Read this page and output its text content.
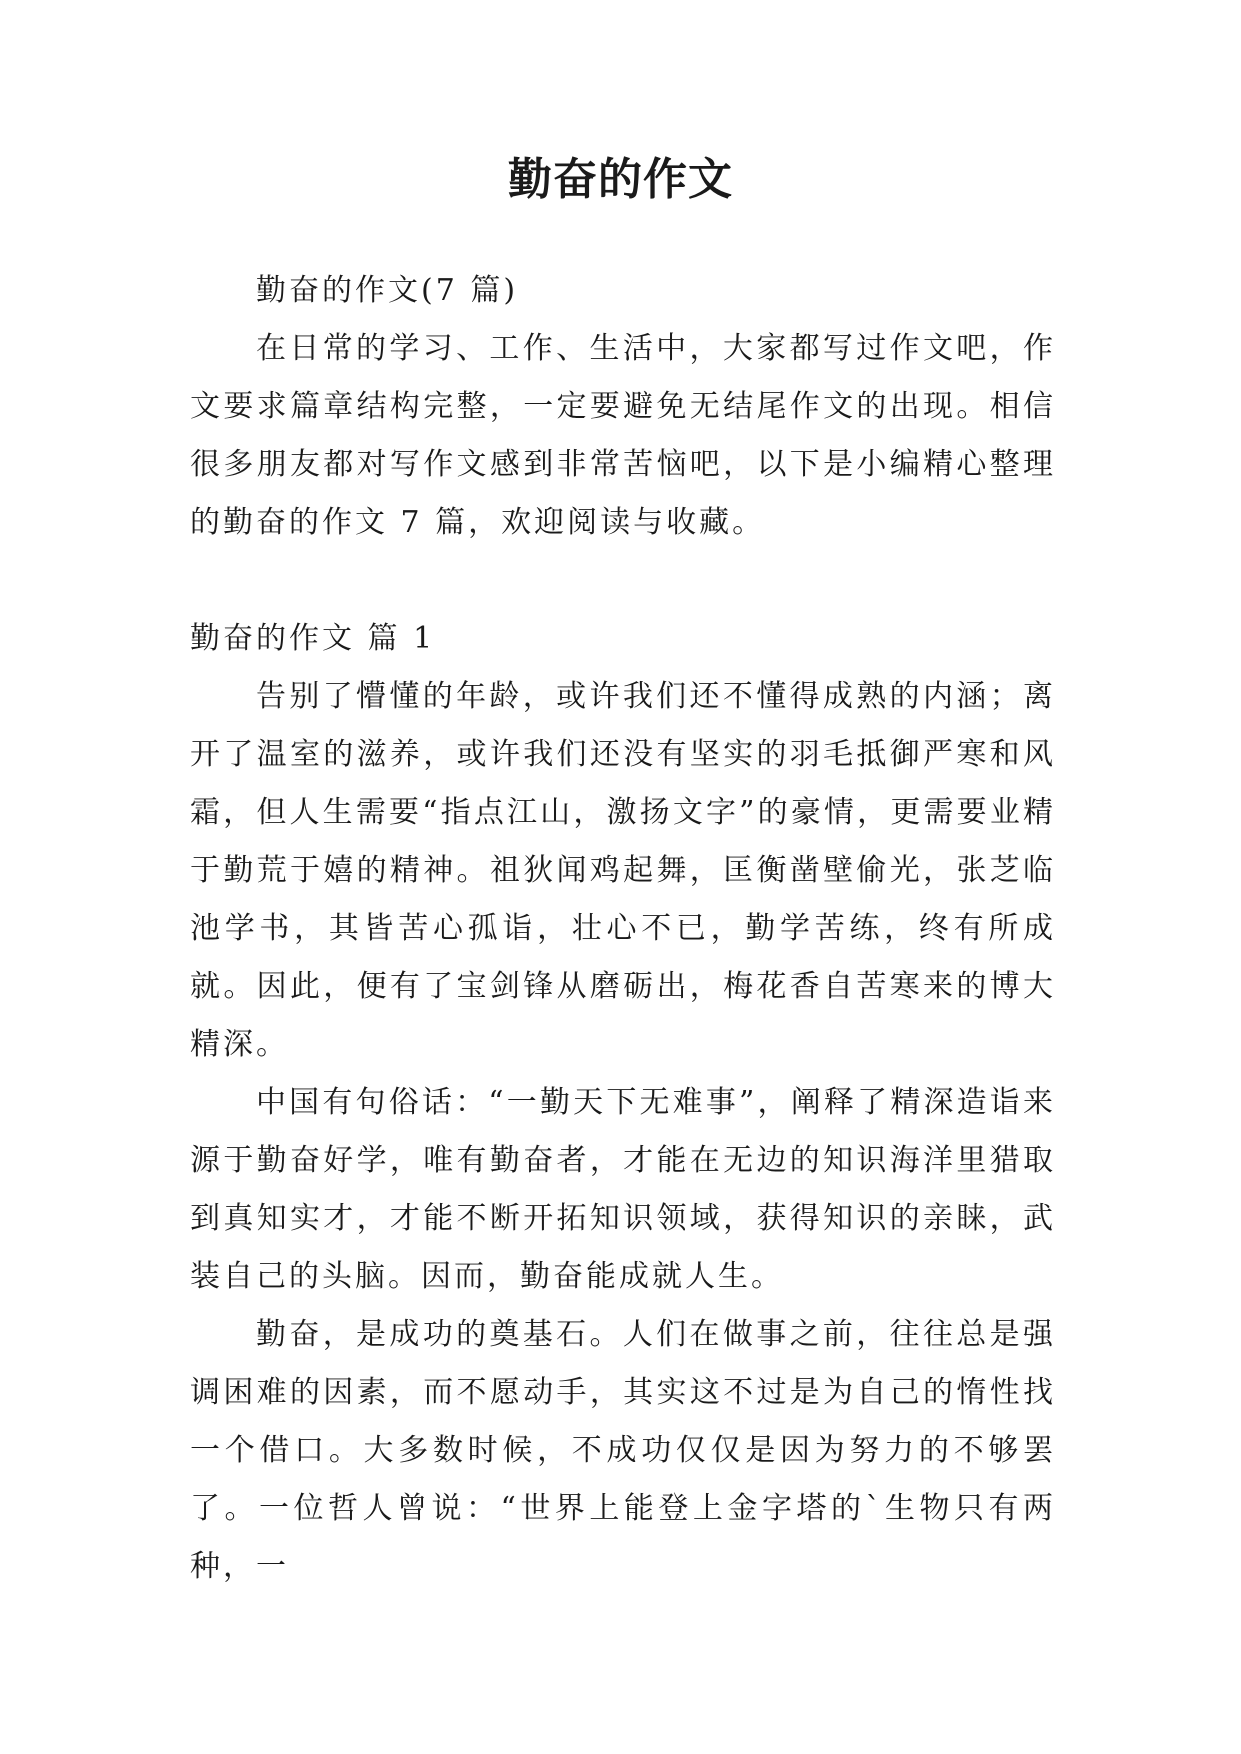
勤奋的作文

勤奋的作文(7 篇)

在日常的学习、工作、生活中，大家都写过作文吧，作文要求篇章结构完整，一定要避免无结尾作文的出现。相信很多朋友都对写作文感到非常苦恼吧，以下是小编精心整理的勤奋的作文 7 篇，欢迎阅读与收藏。

勤奋的作文 篇 1

告别了懵懂的年龄，或许我们还不懂得成熟的内涵；离开了温室的滋养，或许我们还没有坚实的羽毛抵御严寒和风霜，但人生需要“指点江山，激扬文字”的豪情，更需要业精于勤荒于嬉的精神。祖狄闻鸡起舞，匡衡凿壁偷光，张芝临池学书，其皆苦心孤诣，壮心不已，勤学苦练，终有所成就。因此，便有了宝剑锋从磨砺出，梅花香自苦寒来的博大精深。

中国有句俗话：“一勤天下无难事”，阐释了精深造诣来源于勤奋好学，唯有勤奋者，才能在无边的知识海洋里猎取到真知实才，才能不断开拓知识领域，获得知识的亲睐，武装自己的头脑。因而，勤奋能成就人生。

勤奋，是成功的奠基石。人们在做事之前，往往总是强调困难的因素，而不愿动手，其实这不过是为自己的惰性找一个借口。大多数时候，不成功仅仅是因为努力的不够罢了。一位哲人曾说：“世界上能登上金字塔的`生物只有两种，一
